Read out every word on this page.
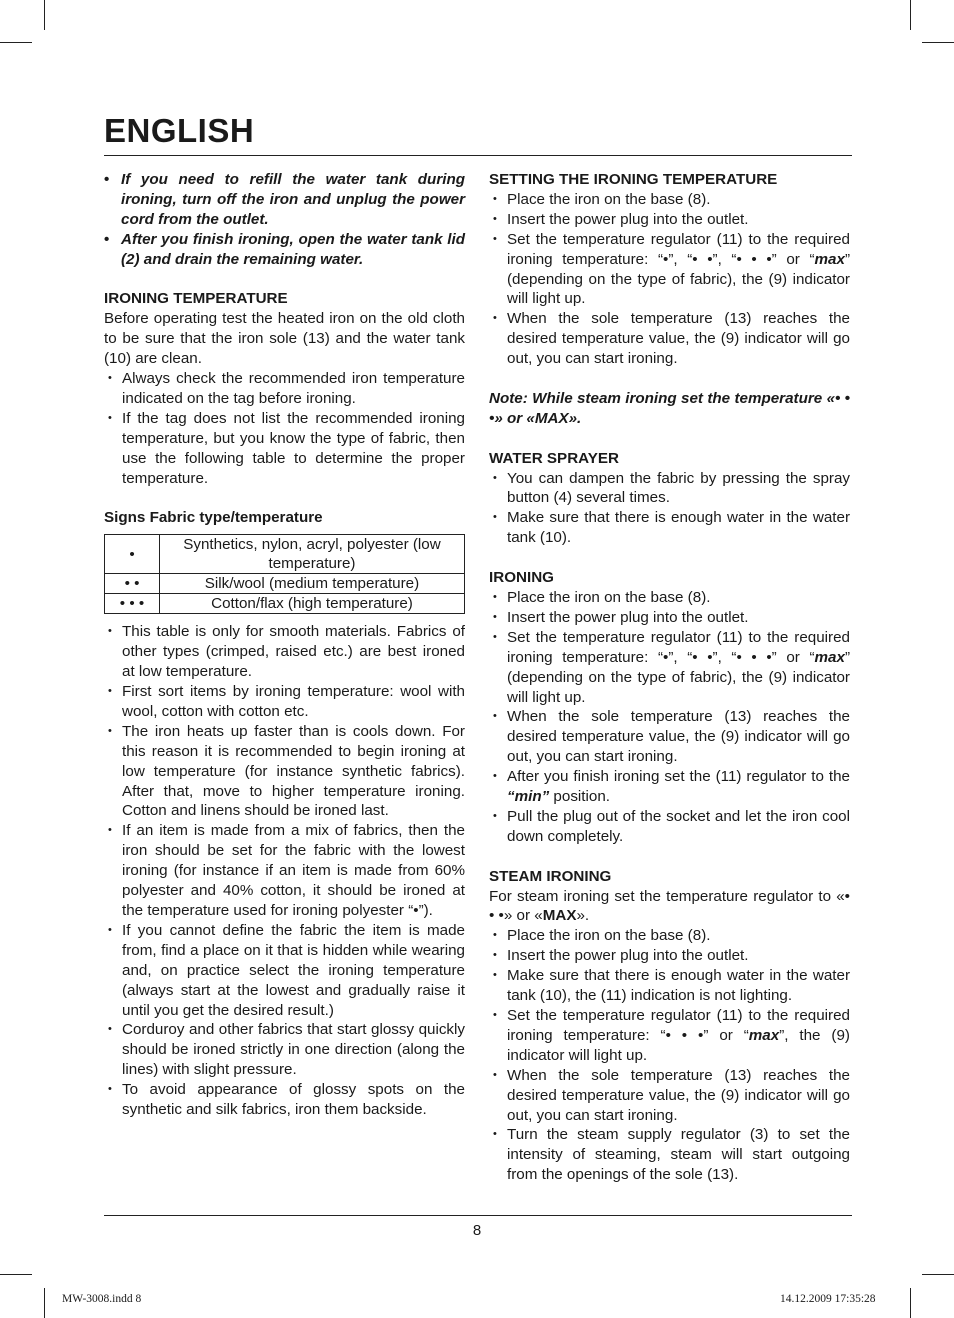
ENGLISH
• If you need to refill the water tank during ironing, turn off the iron and unplug the power cord from the outlet.
• After you finish ironing, open the water tank lid (2) and drain the remaining water.

IRONING TEMPERATURE

Before operating test the heated iron on the old cloth to be sure that the iron sole (13) and the water tank (10) are clean.

• Always check the recommended iron temperature indicated on the tag before ironing.
• If the tag does not list the recommended ironing temperature, but you know the type of fabric, then use the following table to determine the proper temperature.

Signs Fabric type/temperature

•	Synthetics, nylon, acryl, polyester (low temperature)
• •	Silk/wool (medium temperature)
• • •	Cotton/flax (high temperature)
• This table is only for smooth materials. Fabrics of other types (crimped, raised etc.) are best ironed at low temperature.
• First sort items by ironing temperature: wool with wool, cotton with cotton etc.
• The iron heats up faster than is cools down. For this reason it is recommended to begin ironing at low temperature (for instance synthetic fabrics). After that, move to higher temperature ironing. Cotton and linens should be ironed last.
• If an item is made from a mix of fabrics, then the iron should be set for the fabric with the lowest ironing (for instance if an item is made from 60% polyester and 40% cotton, it should be ironed at the temperature used for ironing polyester “•”).
• If you cannot define the fabric the item is made from, find a place on it that is hidden while wearing and, on practice select the ironing temperature (always start at the lowest and gradually raise it until you get the desired result.)
• Corduroy and other fabrics that start glossy quickly should be ironed strictly in one direction (along the lines) with slight pressure.
• To avoid appearance of glossy spots on the synthetic and silk fabrics, iron them backside.

SETTING THE IRONING TEMPERATURE

• Place the iron on the base (8).
• Insert the power plug into the outlet.
• Set the temperature regulator (11) to the required ironing temperature: “•”, “• •”, “• • •” or “max” (depending on the type of fabric), the (9) indicator will light up.
• When the sole temperature (13) reaches the desired temperature value, the (9) indicator will go out, you can start ironing.

Note: While steam ironing set the temperature «• • •» or «MAX».

WATER SPRAYER

• You can dampen the fabric by pressing the spray button (4) several times.
• Make sure that there is enough water in the water tank (10).

IRONING

• Place the iron on the base (8).
• Insert the power plug into the outlet.
• Set the temperature regulator (11) to the required ironing temperature: “•”, “• •”, “• • •” or “max” (depending on the type of fabric), the (9) indicator will light up.
• When the sole temperature (13) reaches the desired temperature value, the (9) indicator will go out, you can start ironing.
• After you finish ironing set the (11) regulator to the “min” position.
• Pull the plug out of the socket and let the iron cool down completely.

STEAM IRONING

For steam ironing set the temperature regulator to «• • •» or «MAX».

• Place the iron on the base (8).
• Insert the power plug into the outlet.
• Make sure that there is enough water in the water tank (10), the (11) indication is not lighting.
• Set the temperature regulator (11) to the required ironing temperature: “• • •” or “max”, the (9) indicator will light up.
• When the sole temperature (13) reaches the desired temperature value, the (9) indicator will go out, you can start ironing.
• Turn the steam supply regulator (3) to set the intensity of steaming, steam will start outgoing from the openings of the sole (13).
8
MW-3008.indd 8	14.12.2009 17:35:28
